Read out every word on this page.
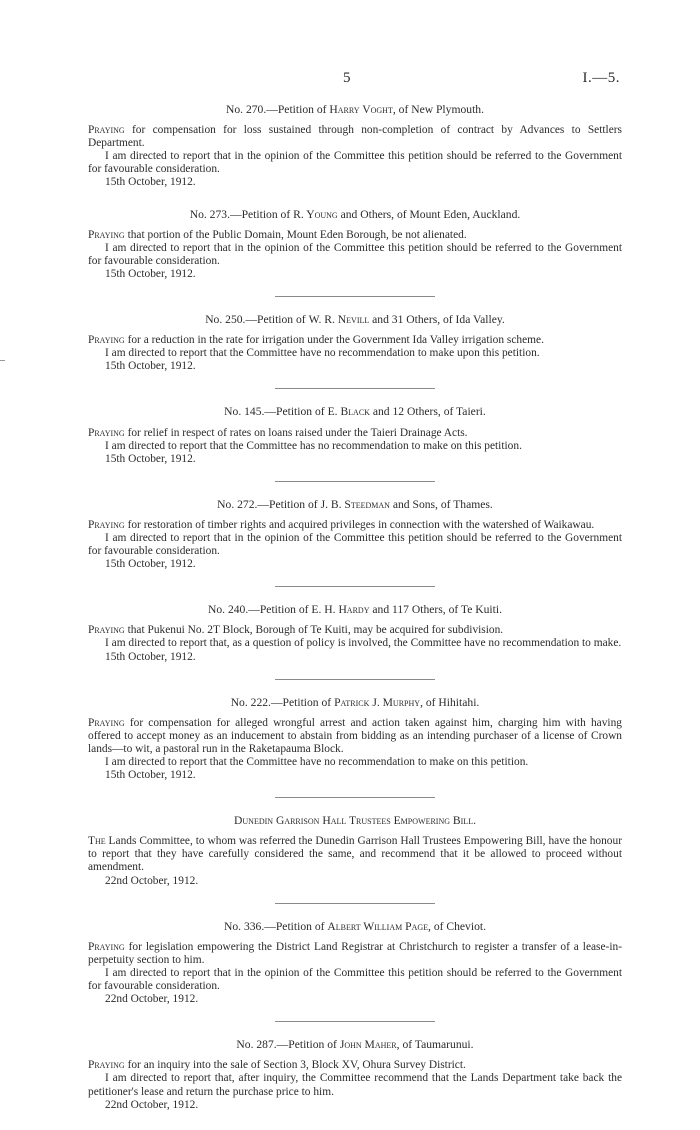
5	I.—5.
No. 270.—Petition of Harry Voght, of New Plymouth.

Praying for compensation for loss sustained through non-completion of contract by Advances to Settlers Department.

I am directed to report that in the opinion of the Committee this petition should be referred to the Government for favourable consideration.

15th October, 1912.

No. 273.—Petition of R. Young and Others, of Mount Eden, Auckland.

Praying that portion of the Public Domain, Mount Eden Borough, be not alienated.

I am directed to report that in the opinion of the Committee this petition should be referred to the Government for favourable consideration.

15th October, 1912.

No. 250.—Petition of W. R. Nevill and 31 Others, of Ida Valley.

Praying for a reduction in the rate for irrigation under the Government Ida Valley irrigation scheme.

I am directed to report that the Committee have no recommendation to make upon this petition.

15th October, 1912.

No. 145.—Petition of E. Black and 12 Others, of Taieri.

Praying for relief in respect of rates on loans raised under the Taieri Drainage Acts.

I am directed to report that the Committee has no recommendation to make on this petition.

15th October, 1912.

No. 272.—Petition of J. B. Steedman and Sons, of Thames.

Praying for restoration of timber rights and acquired privileges in connection with the watershed of Waikawau.

I am directed to report that in the opinion of the Committee this petition should be referred to the Government for favourable consideration.

15th October, 1912.

No. 240.—Petition of E. H. Hardy and 117 Others, of Te Kuiti.

Praying that Pukenui No. 2T Block, Borough of Te Kuiti, may be acquired for subdivision.

I am directed to report that, as a question of policy is involved, the Committee have no recommendation to make.

15th October, 1912.

No. 222.—Petition of Patrick J. Murphy, of Hihitahi.

Praying for compensation for alleged wrongful arrest and action taken against him, charging him with having offered to accept money as an inducement to abstain from bidding as an intending purchaser of a license of Crown lands—to wit, a pastoral run in the Raketapauma Block.

I am directed to report that the Committee have no recommendation to make on this petition.

15th October, 1912.

Dunedin Garrison Hall Trustees Empowering Bill.

The Lands Committee, to whom was referred the Dunedin Garrison Hall Trustees Empowering Bill, have the honour to report that they have carefully considered the same, and recommend that it be allowed to proceed without amendment.

22nd October, 1912.

No. 336.—Petition of Albert William Page, of Cheviot.

Praying for legislation empowering the District Land Registrar at Christchurch to register a transfer of a lease-in-perpetuity section to him.

I am directed to report that in the opinion of the Committee this petition should be referred to the Government for favourable consideration.

22nd October, 1912.

No. 287.—Petition of John Maher, of Taumarunui.

Praying for an inquiry into the sale of Section 3, Block XV, Ohura Survey District.

I am directed to report that, after inquiry, the Committee recommend that the Lands Department take back the petitioner's lease and return the purchase price to him.

22nd October, 1912.
